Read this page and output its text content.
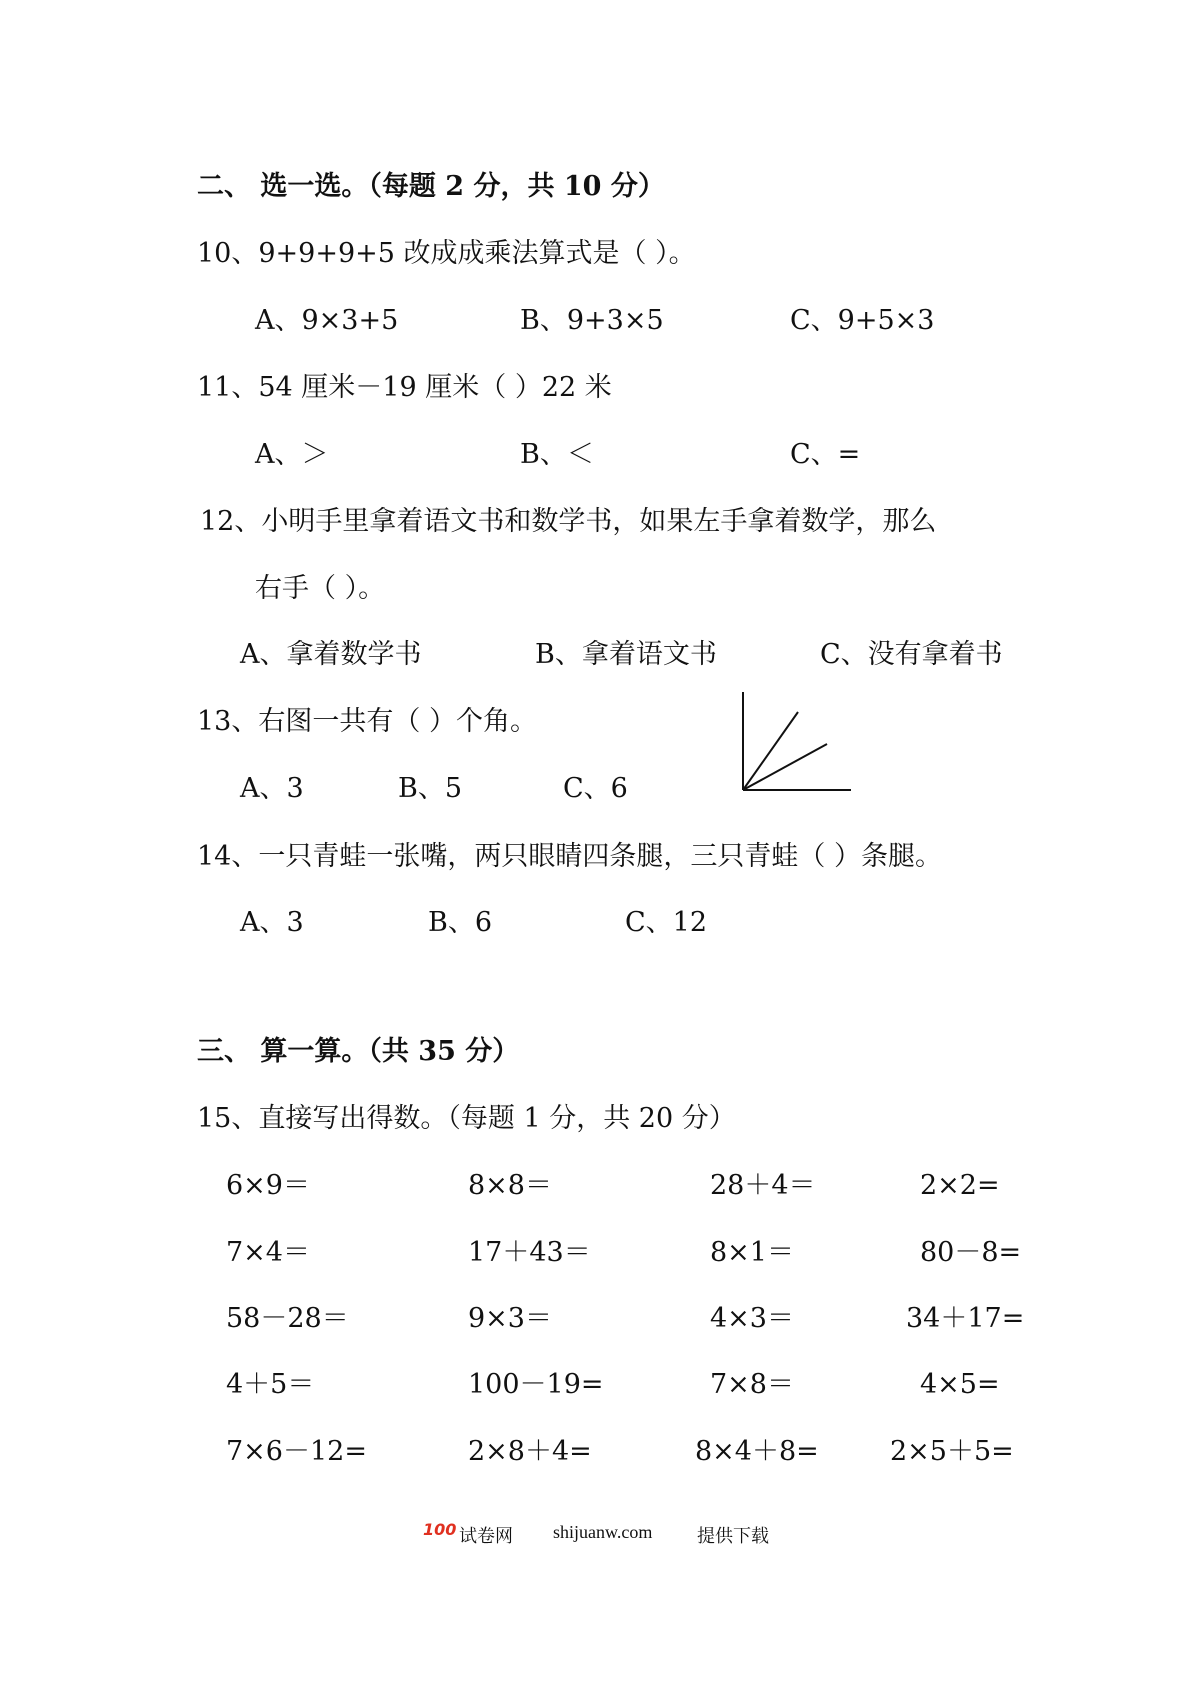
二、 选一选。（每题 2 分，共 10 分）
10、9+9+9+5 改成成乘法算式是（ ）。
A、9×3+5	B、9+3×5	C、9+5×3
11、54 厘米－19 厘米（ ）22 米
A、＞	B、＜	C、=
12、小明手里拿着语文书和数学书，如果左手拿着数学，那么
右手（ ）。
A、拿着数学书	B、拿着语文书	C、没有拿着书
13、右图一共有（ ）个角。
A、3	B、5	C、6
14、一只青蛙一张嘴，两只眼睛四条腿，三只青蛙（ ）条腿。
A、3	B、6	C、12
三、 算一算。（共 35 分）
15、直接写出得数。（每题 1 分，共 20 分）
6×9＝	8×8＝	28＋4＝	2×2=
7×4＝	17＋43＝	8×1＝	80－8=
58－28＝	9×3＝	4×3＝	34＋17=
4＋5＝	100－19=	7×8＝	4×5=
7×6－12=	2×8＋4=	8×4＋8=	2×5＋5=
100 试卷网 shijuanw.com 提供下载
